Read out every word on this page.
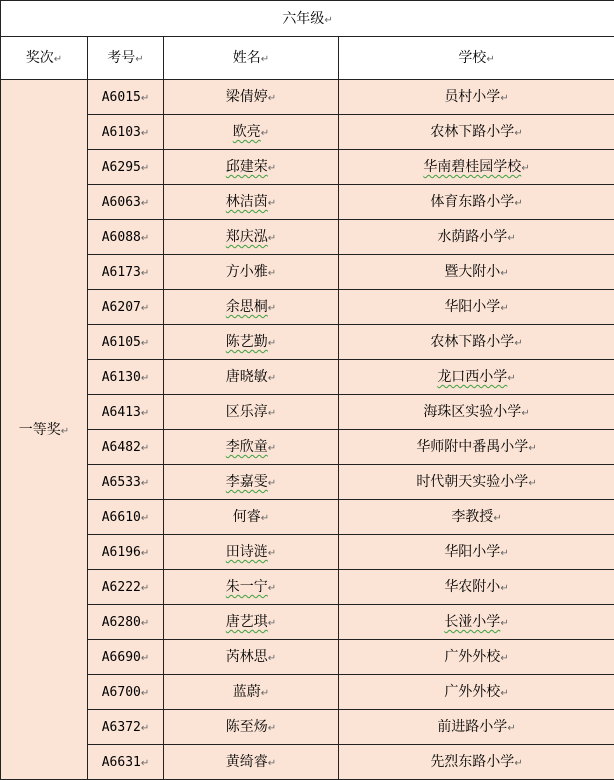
六年级↵			
奖次↵	考号↵	姓名↵	学校↵
一等奖↵	A6015↵	梁倩婷↵	员村小学↵
	A6103↵	欧亮↵	农林下路小学↵
	A6295↵	邱建荣↵	华南碧桂园学校↵
	A6063↵	林洁茵↵	体育东路小学↵
	A6088↵	郑庆泓↵	水荫路小学↵
	A6173↵	方小雅↵	暨大附小↵
	A6207↵	余思桐↵	华阳小学↵
	A6105↵	陈艺勤↵	农林下路小学↵
	A6130↵	唐晓敏↵	龙口西小学↵
	A6413↵	区乐淳↵	海珠区实验小学↵
	A6482↵	李欣童↵	华师附中番禺小学↵
	A6533↵	李嘉雯↵	时代朝天实验小学↵
	A6610↵	何睿↵	李教授↵
	A6196↵	田诗涟↵	华阳小学↵
	A6222↵	朱一宁↵	华农附小↵
	A6280↵	唐艺琪↵	长湴小学↵
	A6690↵	芮林思↵	广外外校↵
	A6700↵	蓝蔚↵	广外外校↵
	A6372↵	陈至炀↵	前进路小学↵
	A6631↵	黄绮睿↵	先烈东路小学↵
